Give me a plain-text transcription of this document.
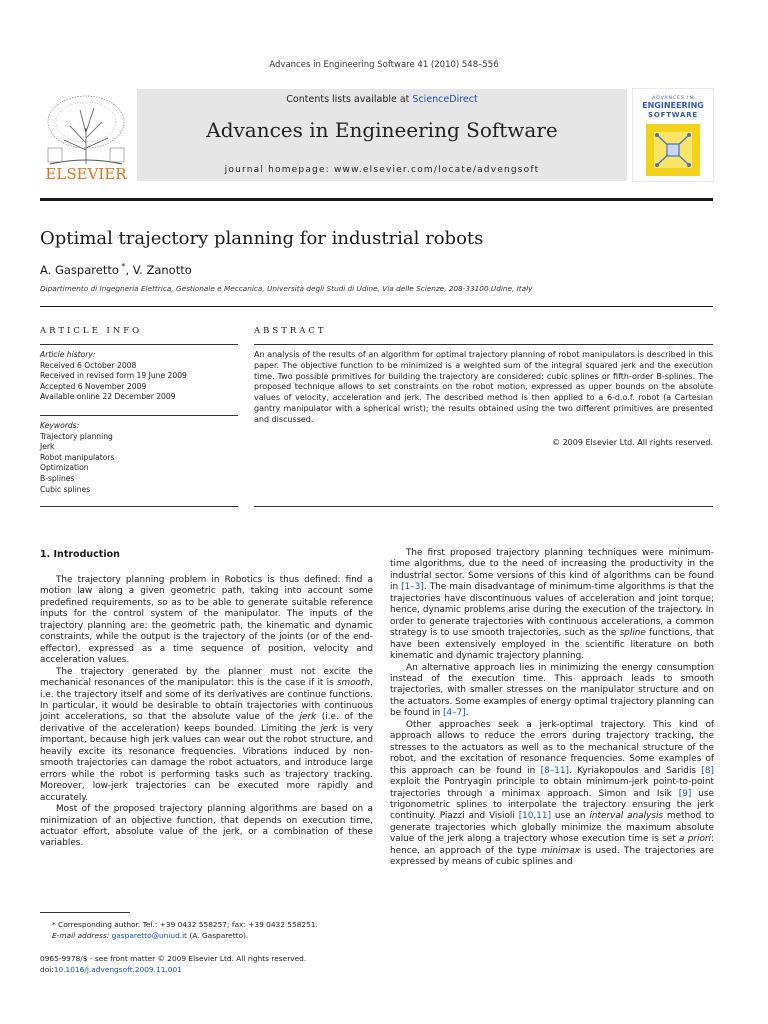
Advances in Engineering Software 41 (2010) 548–556
ELSEVIER
Contents lists available at ScienceDirect
Advances in Engineering Software
journal homepage: www.elsevier.com/locate/advengsoft
ADVANCES IN
ENGINEERING
SOFTWARE
Optimal trajectory planning for industrial robots
A. Gasparetto *, V. Zanotto
Dipartimento di Ingegneria Elettrica, Gestionale e Meccanica, Università degli Studi di Udine, Via delle Scienze, 208-33100 Udine, Italy
ARTICLE INFO	ABSTRACT
Article history:
Received 6 October 2008
Received in revised form 19 June 2009
Accepted 6 November 2009
Available online 22 December 2009
Keywords:
Trajectory planning
Jerk
Robot manipulators
Optimization
B-splines
Cubic splines
An analysis of the results of an algorithm for optimal trajectory planning of robot manipulators is described in this paper. The objective function to be minimized is a weighted sum of the integral squared jerk and the execution time. Two possible primitives for building the trajectory are considered: cubic splines or fifth-order B-splines. The proposed technique allows to set constraints on the robot motion, expressed as upper bounds on the absolute values of velocity, acceleration and jerk. The described method is then applied to a 6-d.o.f. robot (a Cartesian gantry manipulator with a spherical wrist); the results obtained using the two different primitives are presented and discussed.
© 2009 Elsevier Ltd. All rights reserved.
1. Introduction

The trajectory planning problem in Robotics is thus defined: find a motion law along a given geometric path, taking into account some predefined requirements, so as to be able to generate suitable reference inputs for the control system of the manipulator. The inputs of the trajectory planning are: the geometric path, the kinematic and dynamic constraints, while the output is the trajectory of the joints (or of the end-effector), expressed as a time sequence of position, velocity and acceleration values.

The trajectory generated by the planner must not excite the mechanical resonances of the manipulator: this is the case if it is smooth, i.e. the trajectory itself and some of its derivatives are continue functions. In particular, it would be desirable to obtain trajectories with continuous joint accelerations, so that the absolute value of the jerk (i.e. of the derivative of the acceleration) keeps bounded. Limiting the jerk is very important, because high jerk values can wear out the robot structure, and heavily excite its resonance frequencies. Vibrations induced by non-smooth trajectories can damage the robot actuators, and introduce large errors while the robot is performing tasks such as trajectory tracking. Moreover, low-jerk trajectories can be executed more rapidly and accurately.

Most of the proposed trajectory planning algorithms are based on a minimization of an objective function, that depends on execution time, actuator effort, absolute value of the jerk, or a combination of these variables.

The first proposed trajectory planning techniques were minimum-time algorithms, due to the need of increasing the productivity in the industrial sector. Some versions of this kind of algorithms can be found in [1–3]. The main disadvantage of minimum-time algorithms is that the trajectories have discontinuous values of acceleration and joint torque; hence, dynamic problems arise during the execution of the trajectory. In order to generate trajectories with continuous accelerations, a common strategy is to use smooth trajectories, such as the spline functions, that have been extensively employed in the scientific literature on both kinematic and dynamic trajectory planning.

An alternative approach lies in minimizing the energy consumption instead of the execution time. This approach leads to smooth trajectories, with smaller stresses on the manipulator structure and on the actuators. Some examples of energy optimal trajectory planning can be found in [4–7].

Other approaches seek a jerk-optimal trajectory. This kind of approach allows to reduce the errors during trajectory tracking, the stresses to the actuators as well as to the mechanical structure of the robot, and the excitation of resonance frequencies. Some examples of this approach can be found in [8–11]. Kyriakopoulos and Saridis [8] exploit the Pontryagin principle to obtain minimum-jerk point-to-point trajectories through a minimax approach. Simon and Isik [9] use trigonometric splines to interpolate the trajectory ensuring the jerk continuity. Piazzi and Visioli [10,11] use an interval analysis method to generate trajectories which globally minimize the maximum absolute value of the jerk along a trajectory whose execution time is set a priori: hence, an approach of the type minimax is used. The trajectories are expressed by means of cubic splines and

* Corresponding author. Tel.: +39 0432 558257; fax: +39 0432 558251.
E-mail address: gasparetto@uniud.it (A. Gasparetto).
0965-9978/$ - see front matter © 2009 Elsevier Ltd. All rights reserved.
doi:10.1016/j.advengsoft.2009.11.001
